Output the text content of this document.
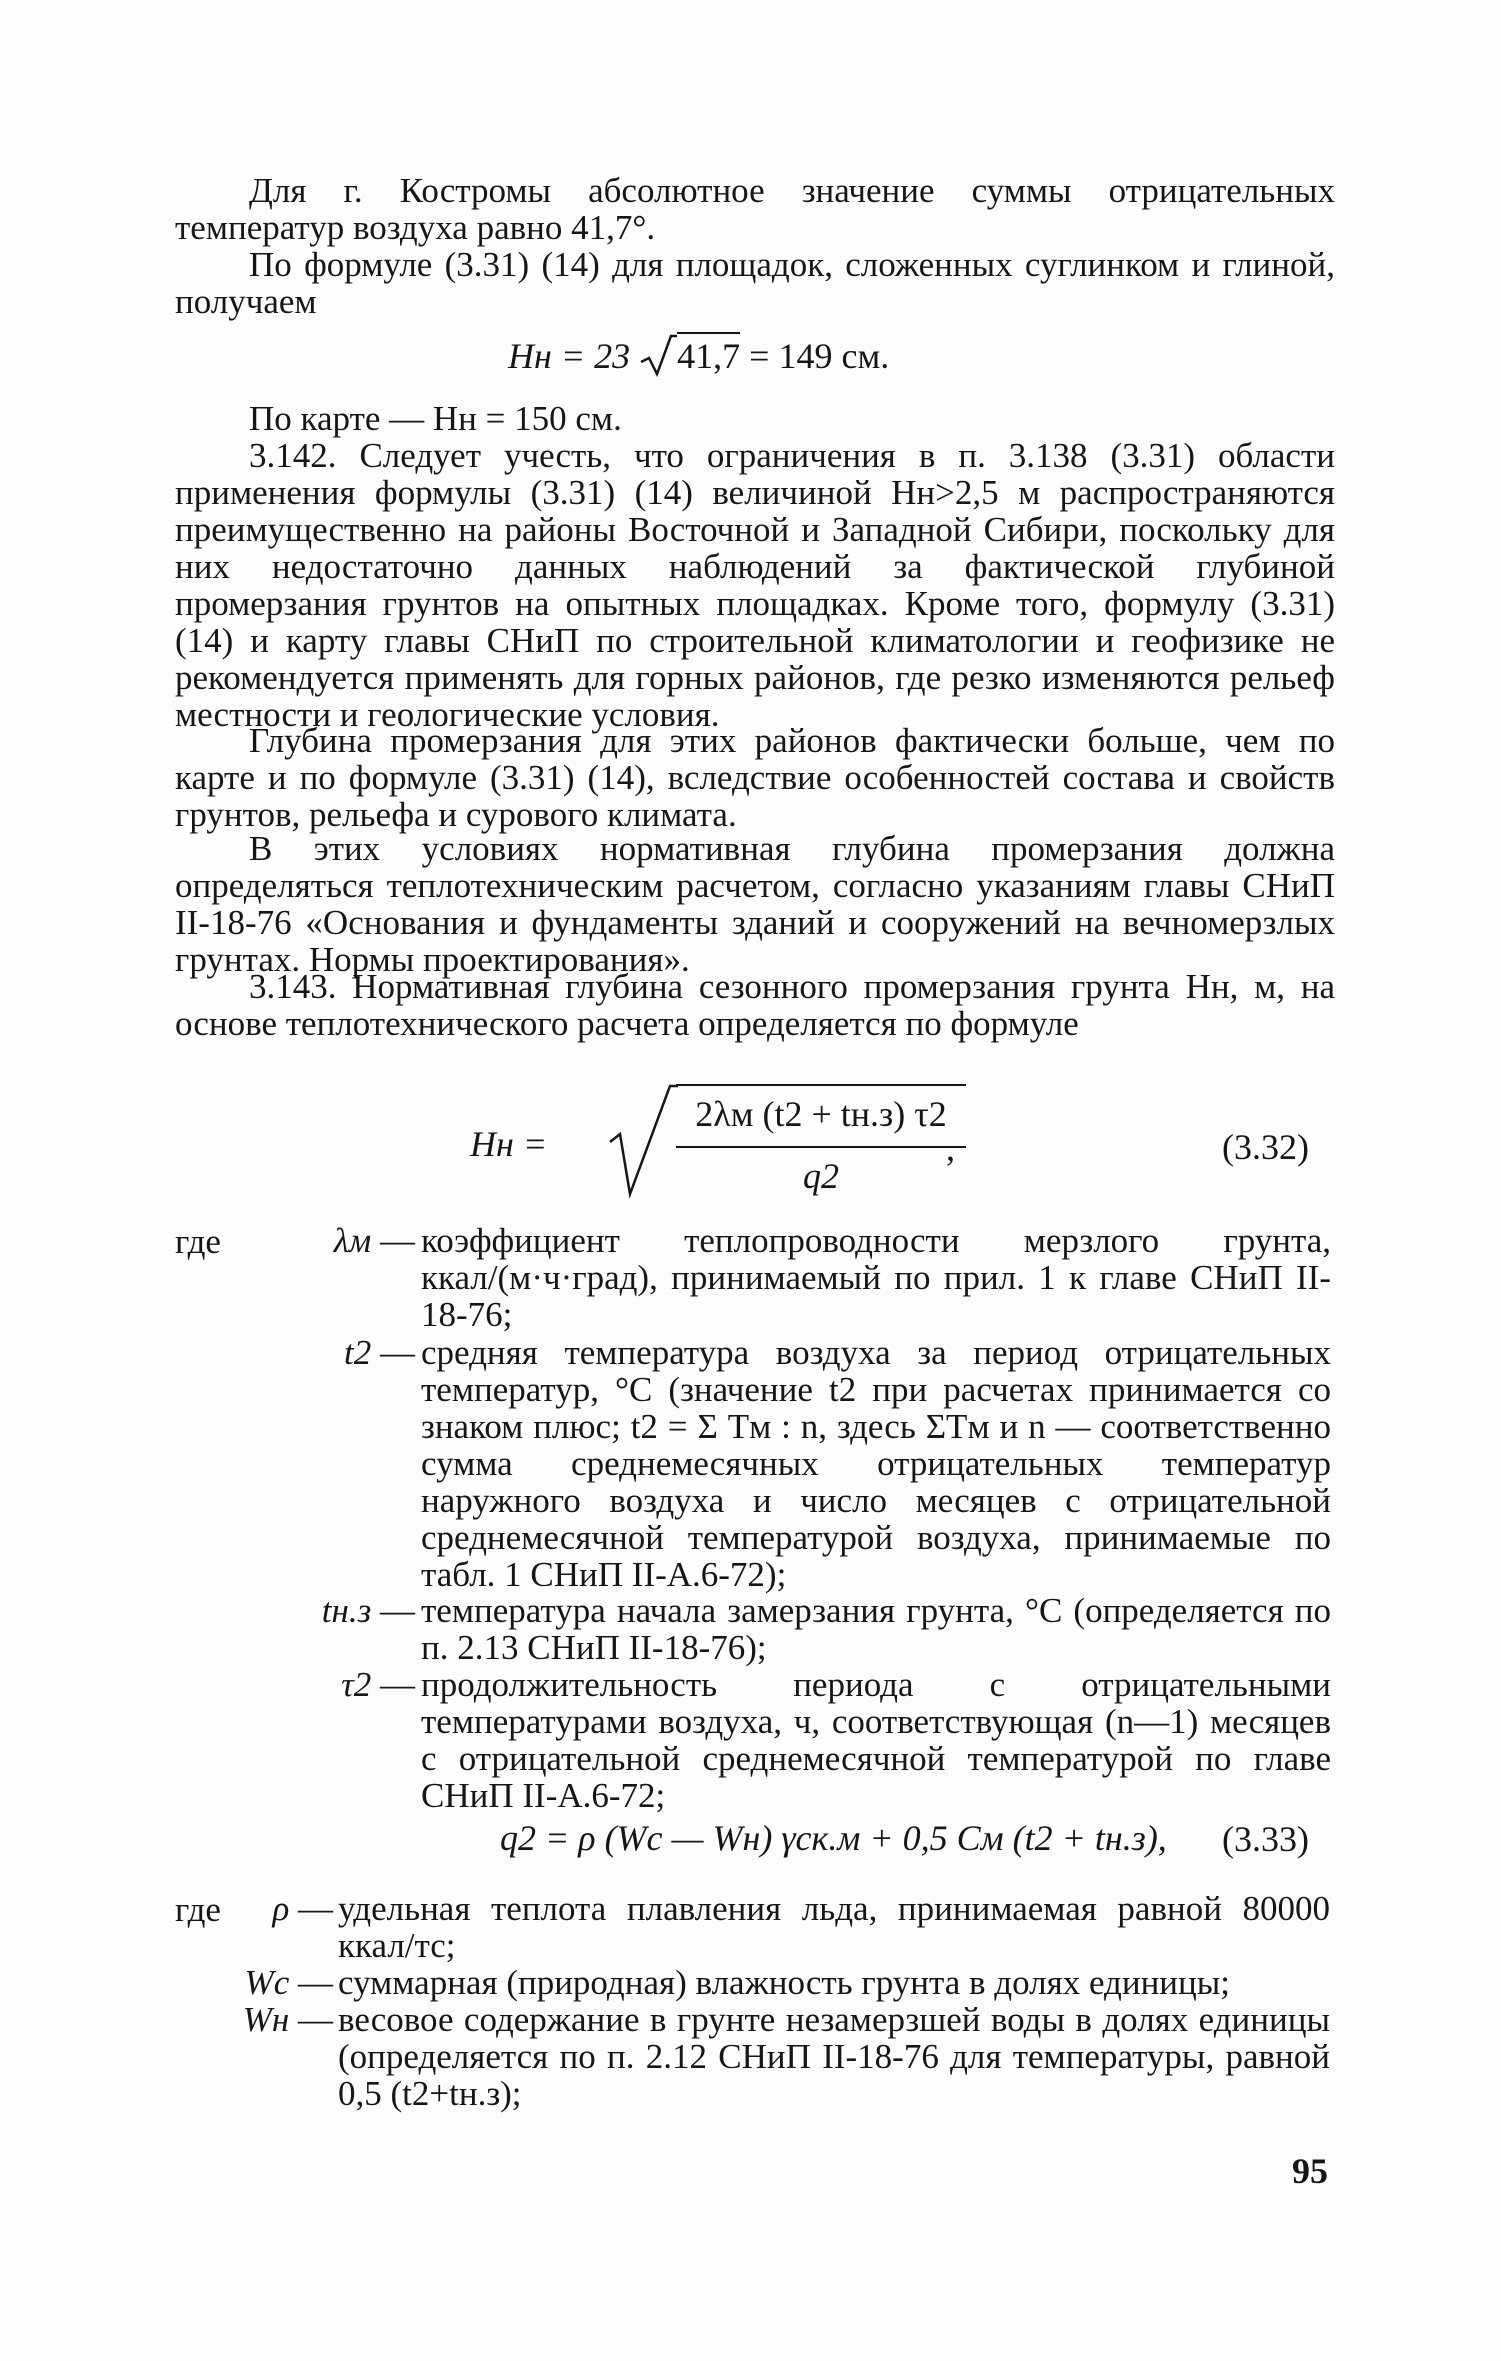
Для г. Костромы абсолютное значение суммы отрицательных температур воздуха равно 41,7°.

По формуле (3.31) (14) для площадок, сложенных суглинком и глиной, получаем

Hн = 23 41,7 = 149 см.

По карте — Hн = 150 см.

3.142. Следует учесть, что ограничения в п. 3.138 (3.31) области применения формулы (3.31) (14) величиной Hн>2,5 м распространяются преимущественно на районы Восточной и Западной Сибири, поскольку для них недостаточно данных наблюдений за фактической глубиной промерзания грунтов на опытных площадках. Кроме того, формулу (3.31) (14) и карту главы СНиП по строительной климатологии и геофизике не рекомендуется применять для горных районов, где резко изменяются рельеф местности и геологические условия.

Глубина промерзания для этих районов фактически больше, чем по карте и по формуле (3.31) (14), вследствие особенностей состава и свойств грунтов, рельефа и сурового климата.

В этих условиях нормативная глубина промерзания должна определяться теплотехническим расчетом, согласно указаниям главы СНиП II-18-76 «Основания и фундаменты зданий и сооружений на вечномерзлых грунтах. Нормы проектирования».

3.143. Нормативная глубина сезонного промерзания грунта Hн, м, на основе теплотехнического расчета определяется по формуле

Hн =
2λм (t2 + tн.з) τ2
q2
,	(3.32)
где	λм — коэффициент теплопроводности мерзлого грунта, ккал/(м·ч·град), принимаемый по прил. 1 к главе СНиП II-18-76;
t2 — средняя температура воздуха за период отрицательных температур, °С (значение t2 при расчетах принимается со знаком плюс; t2 = Σ Tм : n, здесь ΣTм и n — соответственно сумма среднемесячных отрицательных температур наружного воздуха и число месяцев с отрицательной среднемесячной температурой воздуха, принимаемые по табл. 1 СНиП II-А.6-72);
tн.з — температура начала замерзания грунта, °С (определяется по п. 2.13 СНиП II-18-76);
τ2 — продолжительность периода с отрицательными температурами воздуха, ч, соответствующая (n—1) месяцев с отрицательной среднемесячной температурой по главе СНиП II-А.6-72;
q2 = ρ (Wс — Wн) γск.м + 0,5 Cм (t2 + tн.з), (3.33)
где	ρ — удельная теплота плавления льда, принимаемая равной 80000 ккал/тс;
Wс — суммарная (природная) влажность грунта в долях единицы;
Wн — весовое содержание в грунте незамерзшей воды в долях единицы (определяется по п. 2.12 СНиП II-18-76 для температуры, равной 0,5 (t2+tн.з);
95
